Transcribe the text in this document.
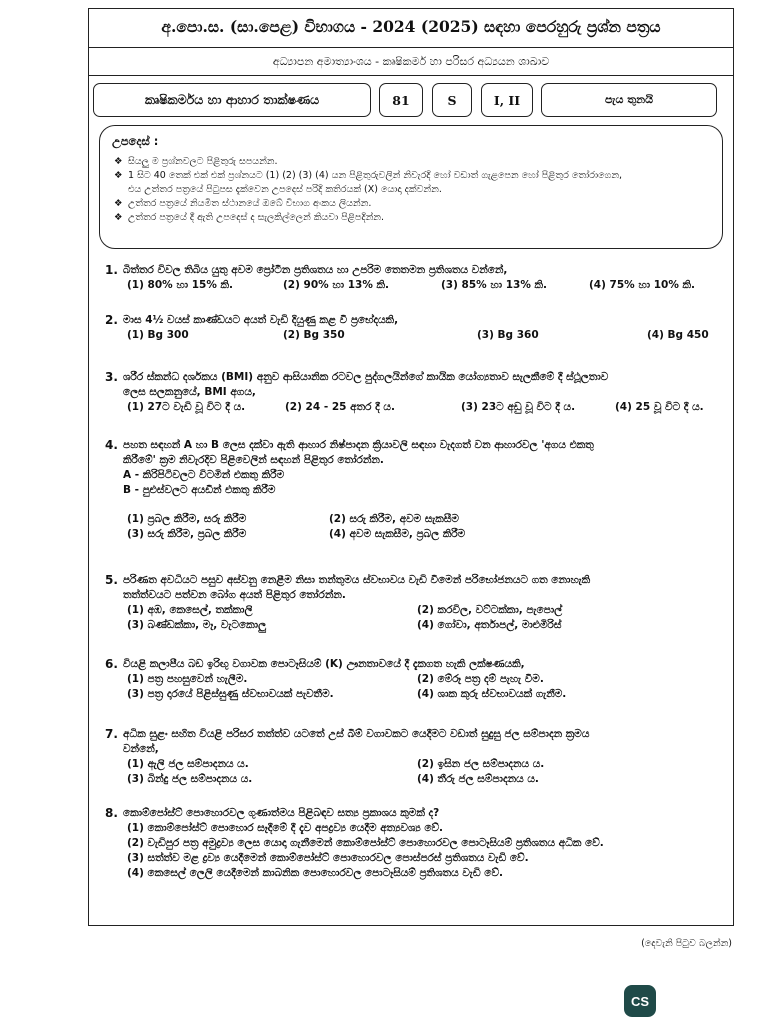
අ.පො.ස. (සා.පෙළ) විභාගය - 2024 (2025) සඳහා පෙරහුරු ප්‍රශ්න පත්‍රය
අධ්‍යාපන අමාත්‍යාංශය - කෘෂිකර්ම හා පරිසර අධ්‍යයන ශාඛාව
කෘෂිකර්මය හා ආහාර තාක්ෂණය	81	S	I, II	පැය තුනයි
උපදෙස් :
❖ සියලු ම ප්‍රශ්නවලට පිළිතුරු සපයන්න.
❖ 1 සිට 40 තෙක් එක් එක් ප්‍රශ්නයට (1) (2) (3) (4) යන පිළිතුරුවලින් නිවැරදි හෝ වඩාත් ගැළපෙන හෝ පිළිතුර තෝරාගෙන,
එය උත්තර පත්‍රයේ පිටුපස දැක්වෙන උපදෙස් පරිදි කතිරයක් (X) යොදා දක්වන්න.
❖ උත්තර පත්‍රයේ නියමිත ස්ථානයේ ඔබේ විභාග අංකය ලියන්න.
❖ උත්තර පත්‍රයේ දී ඇති උපදෙස් ද සැලකිල්ලෙන් කියවා පිළිපදින්න.
1. බිත්තර විවල තිබිය යුතු අවම ප්‍රෝටීන ප්‍රතිශතය හා උපරිම තෙතමන ප්‍රතිශතය වන්නේ,
(1) 80% හා 15% කි.	(2) 90% හා 13% කි.	(3) 85% හා 13% කි.	(4) 75% හා 10% කි.
2. මාස 4½ වයස් කාණ්ඩයට අයත් වැඩි දියුණු කළ වී ප්‍රභේදයකි,
(1) Bg 300	(2) Bg 350	(3) Bg 360	(4) Bg 450
3. ශරීර ස්කන්ධ දර්ශකය (BMI) අනුව ආසියානික රටවල පුද්ගලයින්ගේ කායික යෝග්‍යතාව සැලකීමේ දී ස්ථූලතාව
ලෙස සලකනුයේ, BMI අගය,
(1) 27ට වැඩි වූ විට දී ය.	(2) 24 - 25 අතර දී ය.	(3) 23ට අඩු වූ විට දී ය.	(4) 25 වූ විට දී ය.
4. පහත සඳහන් A හා B ලෙස දක්වා ඇති ආහාර නිෂ්පාදන ක්‍රියාවලි සඳහා වැදගත් වන ආහාරවල 'අගය එකතු
කිරීමේ' ක්‍රම නිවැරදිව පිළිවෙලින් සඳහන් පිළිතුර තෝරන්න.
A - කිරිපිටිවලට විටමින් එකතු කිරීම
B - පුළුස්වලට අයඩීන් එකතු කිරීම
(1) ප්‍රබල කිරීම, සරු කිරීම	(2) සරු කිරීම, අවම සැකසීම
(3) සරු කිරීම, ප්‍රබල කිරීම	(4) අවම සැකසීම, ප්‍රබල කිරීම
5. පරිණත අවධියට පසුව අස්වනු නෙළීම නිසා තන්තුමය ස්වභාවය වැඩි වීමෙන් පරිභෝජනයට ගත නොහැකි
තත්ත්වයට පත්වන බෝග අයත් පිළිතුර තෝරන්න.
(1) අඹ, කෙසෙල්, තක්කාලි	(2) කරවිල, වට්ටක්කා, පැපොල්
(3) බණ්ඩක්කා, මෑ, වැටකොලු	(4) ගෝවා, අර්තාපල්, මාළුමිරිස්
6. වියළි කලාපීය බඩ ඉරිඟු වගාවක පොටෑසියම් (K) ඌනතාවයේ දී දැකගත හැකි ලක්ෂණයකි,
(1) පත්‍ර පහසුවෙන් හැලීම.	(2) මේරූ පත්‍ර දම් පැහැ වීම.
(3) පත්‍ර දාරයේ පිළිස්සුණු ස්වභාවයක් පැවතීම.	(4) ශාක කුරු ස්වභාවයක් ගැනීම.
7. අධික සුළං සහිත වියළි පරිසර තත්ත්ව යටතේ උස් බීම් වගාවකට යෙදීමට වඩාත් සුදුසු ජල සම්පාදන ක්‍රමය
වන්නේ,
(1) ඇලි ජල සම්පාදනය ය.	(2) ඉසින ජල සම්පාදනය ය.
(3) බින්දු ජල සම්පාදනය ය.	(4) තීරු ජල සම්පාදනය ය.
8. කොම්පෝස්ට් පොහොරවල ගුණාත්මය පිළිබඳව සත්‍ය ප්‍රකාශය කුමක් ද?
(1) කොම්පෝස්ට් පොහොර සෑදීමේ දී දැව අපද්‍රව්‍ය යෙදීම අත්‍යවශ්‍ය වේ.
(2) වැඩිපුර පත්‍ර අමුද්‍රව්‍ය ලෙස යොදා ගැනීමෙන් කොම්පෝස්ට් පොහොරවල පොටෑසියම් ප්‍රතිශතය අධික වේ.
(3) සත්ත්ව මළ ද්‍රව්‍ය යෙදීමෙන් කොම්පෝස්ට් පොහොරවල පොස්පරස් ප්‍රතිශතය වැඩි වේ.
(4) කෙසෙල් ලෙලි යෙදීමෙන් කාබනික පොහොරවල පොටෑසියම් ප්‍රතිශතය වැඩි වේ.
(දෙවැනි පිටුව බලන්න)
CS
